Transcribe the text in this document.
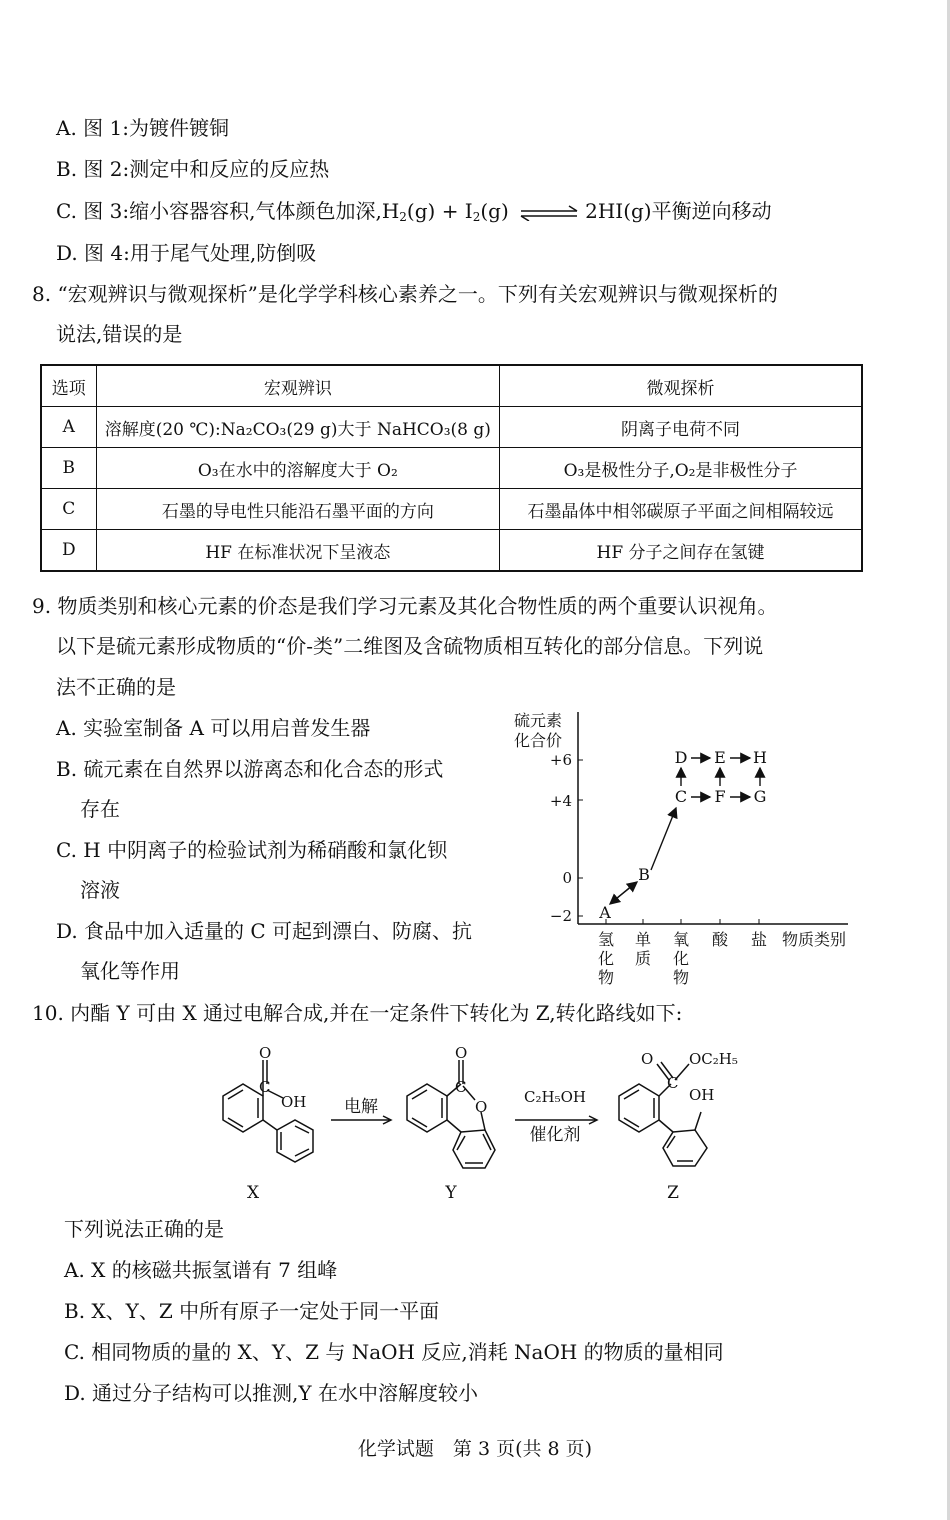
A. 图 1:为镀件镀铜
B. 图 2:测定中和反应的反应热
C. 图 3:缩小容器容积,气体颜色加深$,H_2(g) + I_2(g)$ ⇌ 2HI(g)平衡逆向移动
D. 图 4:用于尾气处理,防倒吸
8. “宏观辨识与微观探析”是化学学科核心素养之一。下列有关宏观辨识与微观探析的
说法,错误的是
选项	宏观辨识	微观探析
A	溶解度(20 ℃):Na₂CO₃(29 g)大于 NaHCO₃(8 g)	阴离子电荷不同
B	O₃在水中的溶解度大于 O₂	O₃是极性分子,O₂是非极性分子
C	石墨的导电性只能沿石墨平面的方向	石墨晶体中相邻碳原子平面之间相隔较远
D	HF 在标准状况下呈液态	HF 分子之间存在氢键
9. 物质类别和核心元素的价态是我们学习元素及其化合物性质的两个重要认识视角。
以下是硫元素形成物质的“价-类”二维图及含硫物质相互转化的部分信息。下列说
法不正确的是
A. 实验室制备 A 可以用启普发生器
B. 硫元素在自然界以游离态和化合态的形式
存在
C. H 中阴离子的检验试剂为稀硝酸和氯化钡
溶液
D. 食品中加入适量的 C 可起到漂白、防腐、抗
氧化等作用
硫元素
化合价
+6
+4
0
−2
氢化物
单质
氧化物
酸 盐 物质类别
A
B
C
D E
F G
H
10. 内酯 Y 可由 X 通过电解合成,并在一定条件下转化为 Z,转化路线如下:
O
C
OH
O
C
O
O
C
OC₂H₅
OH
电解	C₂H₅OH
催化剂
X	Y	Z
下列说法正确的是
A. X 的核磁共振氢谱有 7 组峰
B. X、Y、Z 中所有原子一定处于同一平面
C. 相同物质的量的 X、Y、Z 与 NaOH 反应,消耗 NaOH 的物质的量相同
D. 通过分子结构可以推测,Y 在水中溶解度较小
化学试题　第 3 页(共 8 页)
